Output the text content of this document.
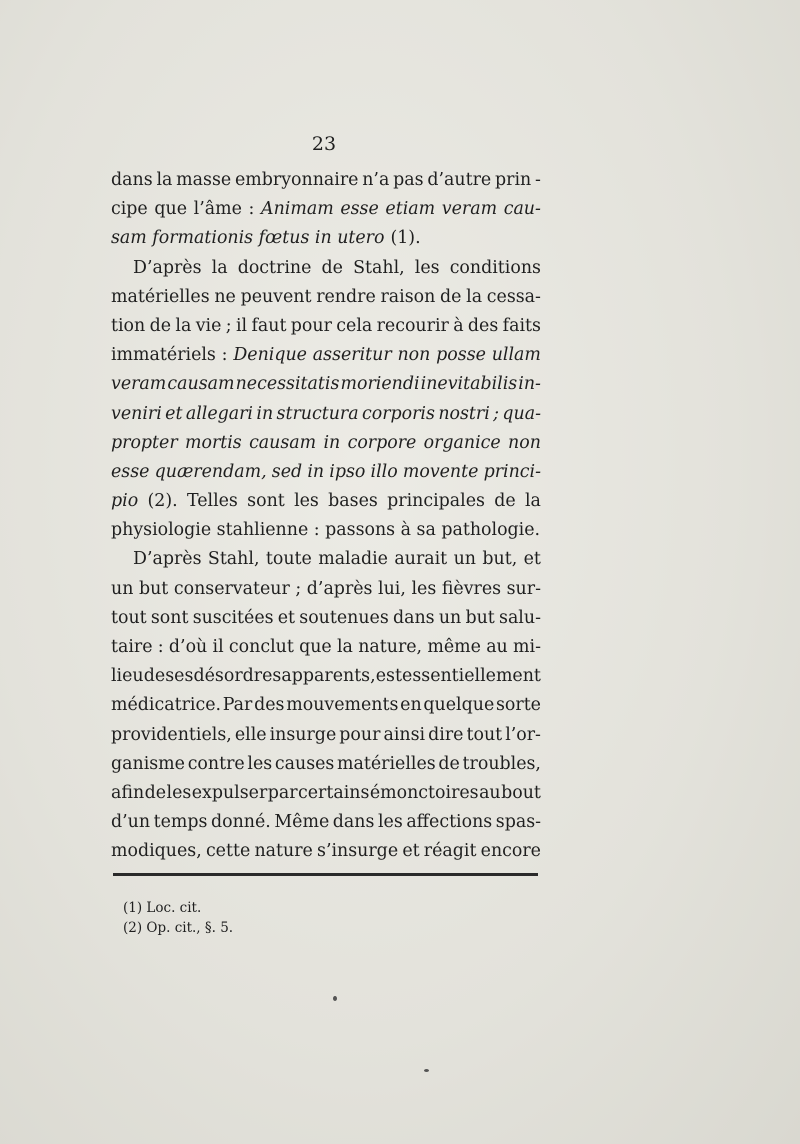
23
dans la masse embryonnaire n’a pas d’autre prin -
cipe que l’âme : Animam esse etiam veram cau-
sam formationis fœtus in utero (1).
D’après la doctrine de Stahl, les conditions
matérielles ne peuvent rendre raison de la cessa-
tion de la vie ; il faut pour cela recourir à des faits
immatériels : Denique asseritur non posse ullam
veram causam necessitatis moriendi inevitabilis in-
veniri et allegari in structura corporis nostri ; qua-
propter mortis causam in corpore organice non
esse quærendam, sed in ipso illo movente princi-
pio (2). Telles sont les bases principales de la
physiologie stahlienne : passons à sa pathologie.
D’après Stahl, toute maladie aurait un but, et
un but conservateur ; d’après lui, les fièvres sur-
tout sont suscitées et soutenues dans un but salu-
taire : d’où il conclut que la nature, même au mi-
lieu de ses désordres apparents, est essentiellement
médicatrice. Par des mouvements en quelque sorte
providentiels, elle insurge pour ainsi dire tout l’or-
ganisme contre les causes matérielles de troubles,
afin de les expulser par certains émonctoires au bout
d’un temps donné. Même dans les affections spas-
modiques, cette nature s’insurge et réagit encore
(1) Loc. cit.
(2) Op. cit., §. 5.
